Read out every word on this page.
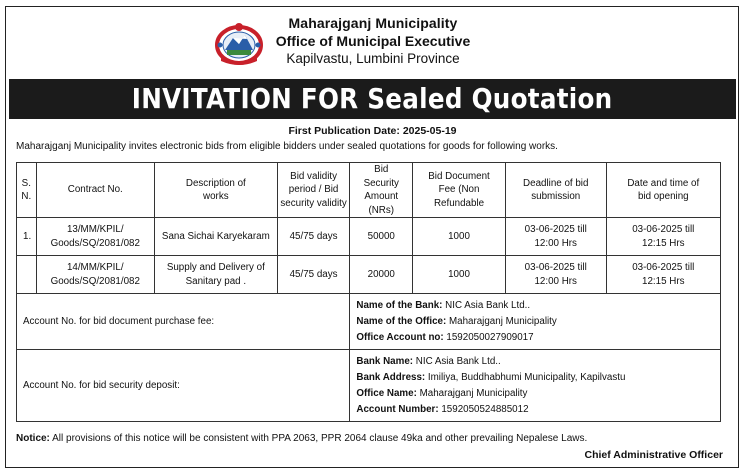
Maharajganj Municipality
Office of Municipal Executive
Kapilvastu, Lumbini Province
INVITATION FOR Sealed Quotation
First Publication Date: 2025-05-19
Maharajganj Municipality invites electronic bids from eligible bidders under sealed quotations for goods for following works.
S. N.	Contract No.	Description of works	Bid validity period / Bid security validity	Bid Security Amount (NRs)	Bid Document Fee (Non Refundable	Deadline of bid submission	Date and time of bid opening
1.	13/MM/KPIL/ Goods/SQ/2081/082	Sana Sichai Karyekaram	45/75 days	50000	1000	03-06-2025 till 12:00 Hrs	03-06-2025 till 12:15 Hrs
	14/MM/KPIL/ Goods/SQ/2081/082	Supply and Delivery of Sanitary pad .	45/75 days	20000	1000	03-06-2025 till 12:00 Hrs	03-06-2025 till 12:15 Hrs
Account No. for bid document purchase fee:				Name of the Bank: NIC Asia Bank Ltd..
Name of the Office: Maharajganj Municipality
Office Account no: 1592050027909017			

Account No. for bid security deposit:				Bank Name: NIC Asia Bank Ltd..
Bank Address: Imiliya, Buddhabhumi Municipality, Kapilvastu
Office Name: Maharajganj Municipality
Account Number: 1592050524885012			
Notice: All provisions of this notice will be consistent with PPA 2063, PPR 2064 clause 49ka and other prevailing Nepalese Laws.
Chief Administrative Officer
